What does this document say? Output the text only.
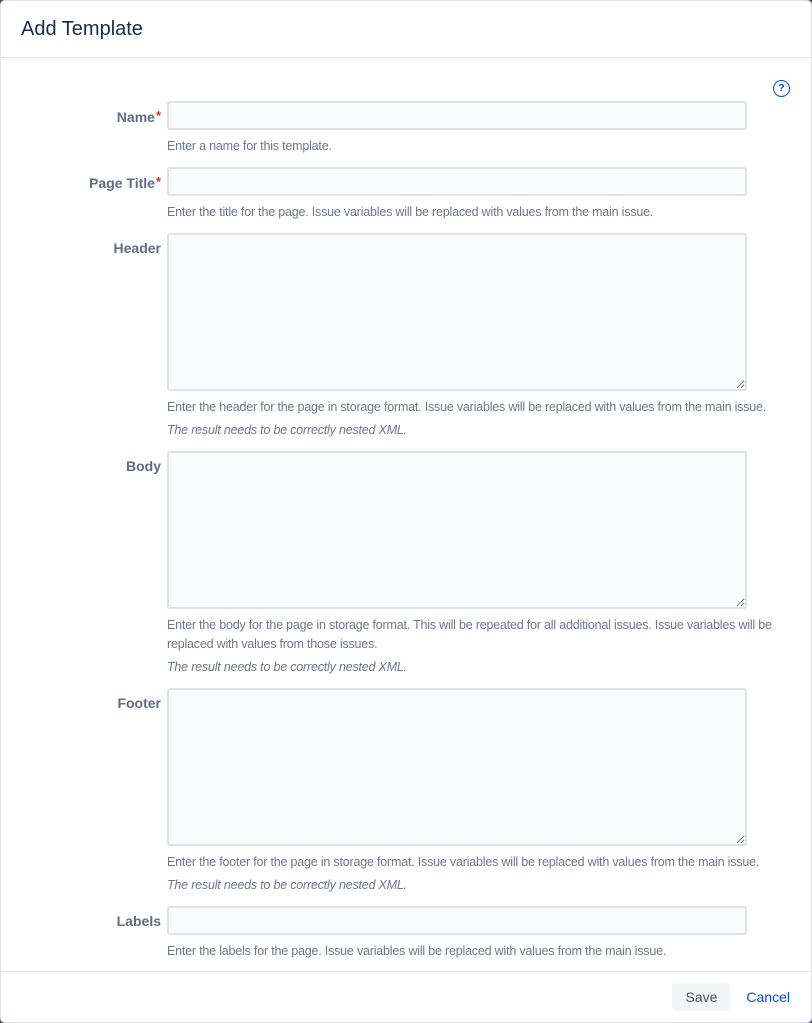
Add Template
?
Name*

Enter a name for this template.

Page Title*

Enter the title for the page. Issue variables will be replaced with values from the main issue.

Header

Enter the header for the page in storage format. Issue variables will be replaced with values from the main issue.

The result needs to be correctly nested XML.

Body

Enter the body for the page in storage format. This will be repeated for all additional issues. Issue variables will be replaced with values from those issues.

The result needs to be correctly nested XML.

Footer

Enter the footer for the page in storage format. Issue variables will be replaced with values from the main issue.

The result needs to be correctly nested XML.

Labels

Enter the labels for the page. Issue variables will be replaced with values from the main issue.

Save	Cancel
